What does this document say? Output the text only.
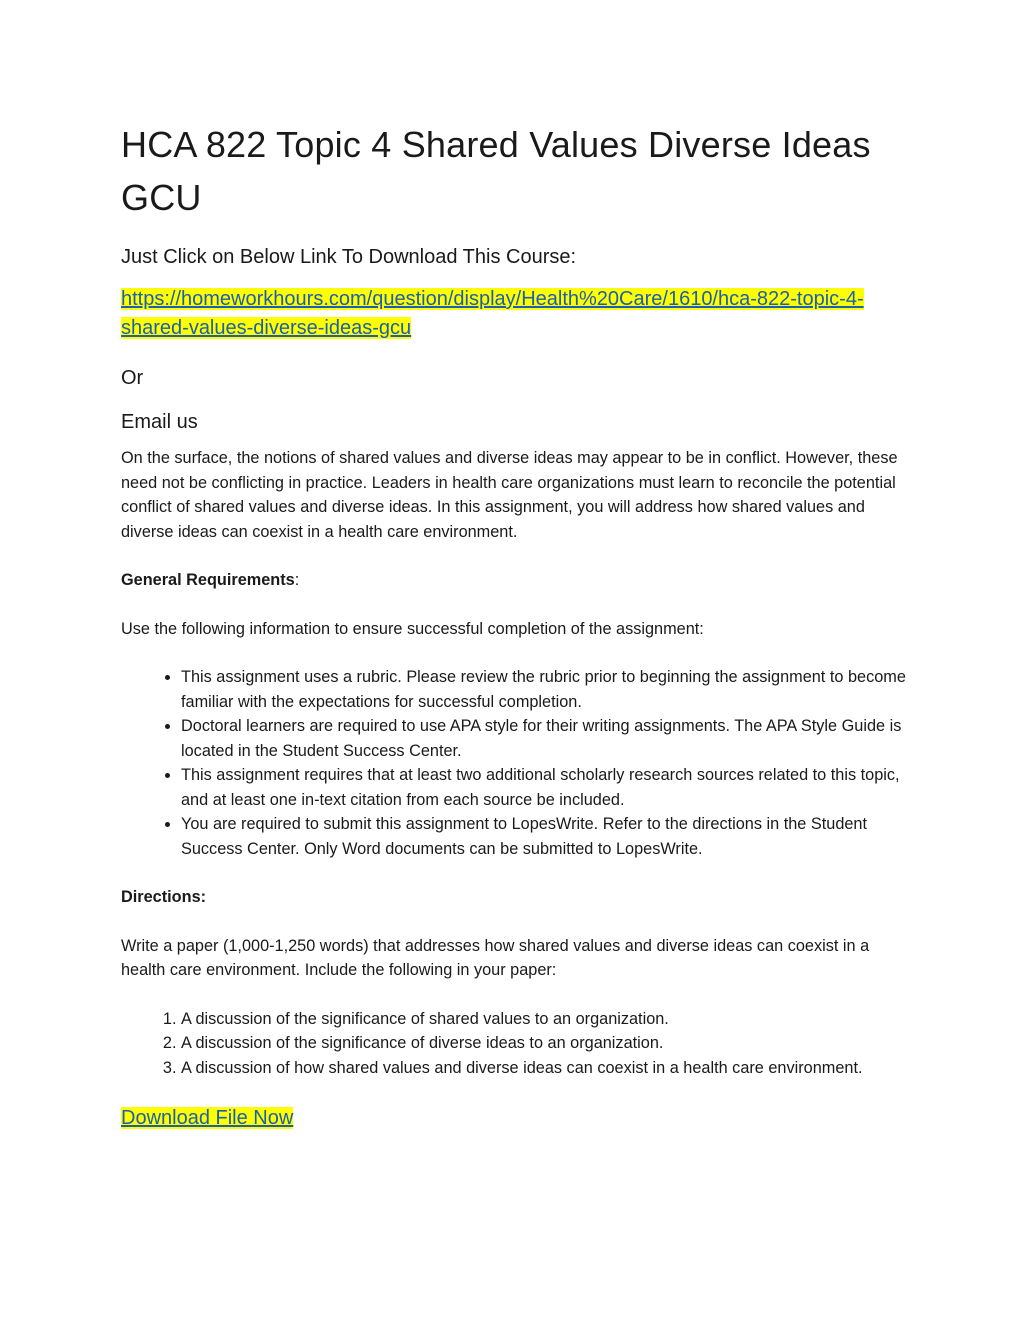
HCA 822 Topic 4 Shared Values Diverse Ideas GCU

Just Click on Below Link To Download This Course:

https://homeworkhours.com/question/display/Health%20Care/1610/hca-822-topic-4-shared-values-diverse-ideas-gcu

Or

Email us

On the surface, the notions of shared values and diverse ideas may appear to be in conflict. However, these need not be conflicting in practice. Leaders in health care organizations must learn to reconcile the potential conflict of shared values and diverse ideas. In this assignment, you will address how shared values and diverse ideas can coexist in a health care environment.

General Requirements:

Use the following information to ensure successful completion of the assignment:

• This assignment uses a rubric. Please review the rubric prior to beginning the assignment to become familiar with the expectations for successful completion.
• Doctoral learners are required to use APA style for their writing assignments. The APA Style Guide is located in the Student Success Center.
• This assignment requires that at least two additional scholarly research sources related to this topic, and at least one in-text citation from each source be included.
• You are required to submit this assignment to LopesWrite. Refer to the directions in the Student Success Center. Only Word documents can be submitted to LopesWrite.

Directions:

Write a paper (1,000-1,250 words) that addresses how shared values and diverse ideas can coexist in a health care environment. Include the following in your paper:

1. A discussion of the significance of shared values to an organization.
2. A discussion of the significance of diverse ideas to an organization.
3. A discussion of how shared values and diverse ideas can coexist in a health care environment.

Download File Now
